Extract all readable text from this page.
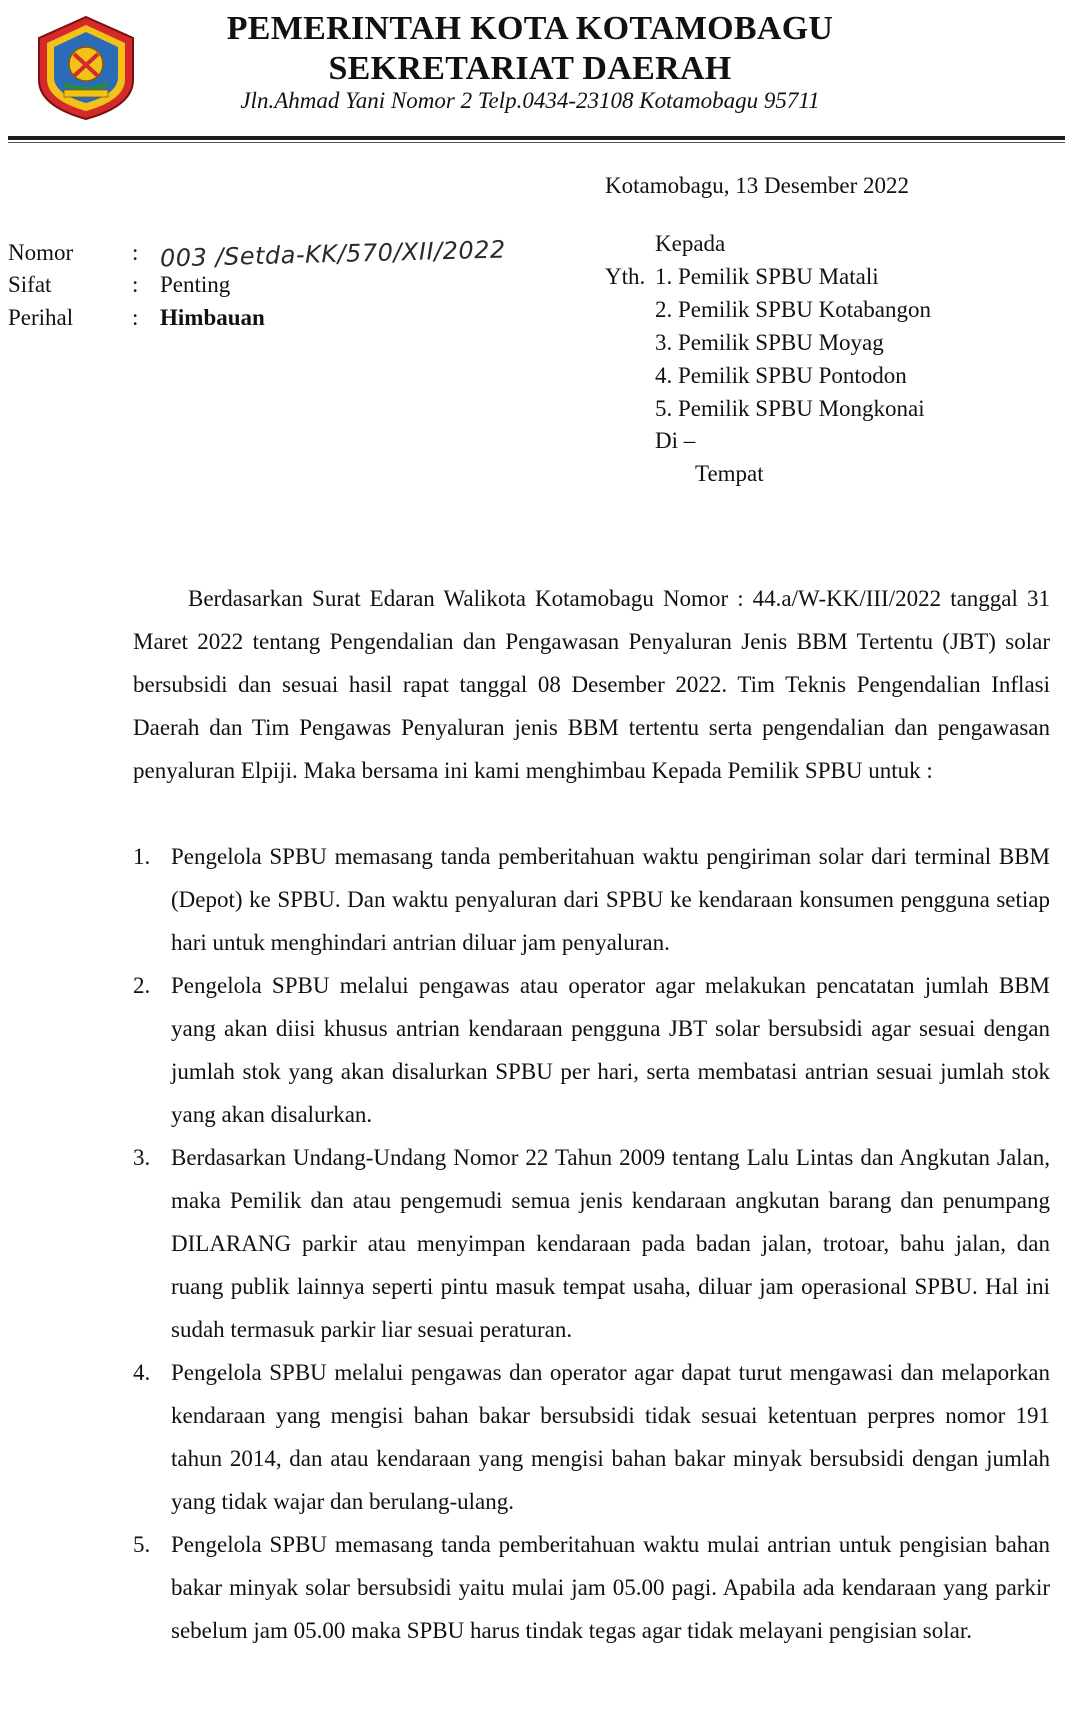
PEMERINTAH KOTA KOTAMOBAGU
SEKRETARIAT DAERAH
Jln.Ahmad Yani Nomor 2 Telp.0434-23108 Kotamobagu 95711
Kotamobagu, 13 Desember 2022
Nomor	: 003 /Setda-KK/570/XII/2022
Sifat	: Penting
Perihal	: Himbauan
Kepada
Yth. 1. Pemilik SPBU Matali
2. Pemilik SPBU Kotabangon
3. Pemilik SPBU Moyag
4. Pemilik SPBU Pontodon
5. Pemilik SPBU Mongkonai
Di –
Tempat

Berdasarkan Surat Edaran Walikota Kotamobagu Nomor : 44.a/W-KK/III/2022 tanggal 31 Maret 2022 tentang Pengendalian dan Pengawasan Penyaluran Jenis BBM Tertentu (JBT) solar bersubsidi dan sesuai hasil rapat tanggal 08 Desember 2022. Tim Teknis Pengendalian Inflasi Daerah dan Tim Pengawas Penyaluran jenis BBM tertentu serta pengendalian dan pengawasan penyaluran Elpiji. Maka bersama ini kami menghimbau Kepada Pemilik SPBU untuk :

1. Pengelola SPBU memasang tanda pemberitahuan waktu pengiriman solar dari terminal BBM (Depot) ke SPBU. Dan waktu penyaluran dari SPBU ke kendaraan konsumen pengguna setiap hari untuk menghindari antrian diluar jam penyaluran.
2. Pengelola SPBU melalui pengawas atau operator agar melakukan pencatatan jumlah BBM yang akan diisi khusus antrian kendaraan pengguna JBT solar bersubsidi agar sesuai dengan jumlah stok yang akan disalurkan SPBU per hari, serta membatasi antrian sesuai jumlah stok yang akan disalurkan.
3. Berdasarkan Undang-Undang Nomor 22 Tahun 2009 tentang Lalu Lintas dan Angkutan Jalan, maka Pemilik dan atau pengemudi semua jenis kendaraan angkutan barang dan penumpang DILARANG parkir atau menyimpan kendaraan pada badan jalan, trotoar, bahu jalan, dan ruang publik lainnya seperti pintu masuk tempat usaha, diluar jam operasional SPBU. Hal ini sudah termasuk parkir liar sesuai peraturan.
4. Pengelola SPBU melalui pengawas dan operator agar dapat turut mengawasi dan melaporkan kendaraan yang mengisi bahan bakar bersubsidi tidak sesuai ketentuan perpres nomor 191 tahun 2014, dan atau kendaraan yang mengisi bahan bakar minyak bersubsidi dengan jumlah yang tidak wajar dan berulang-ulang.
5. Pengelola SPBU memasang tanda pemberitahuan waktu mulai antrian untuk pengisian bahan bakar minyak solar bersubsidi yaitu mulai jam 05.00 pagi. Apabila ada kendaraan yang parkir sebelum jam 05.00 maka SPBU harus tindak tegas agar tidak melayani pengisian solar.
